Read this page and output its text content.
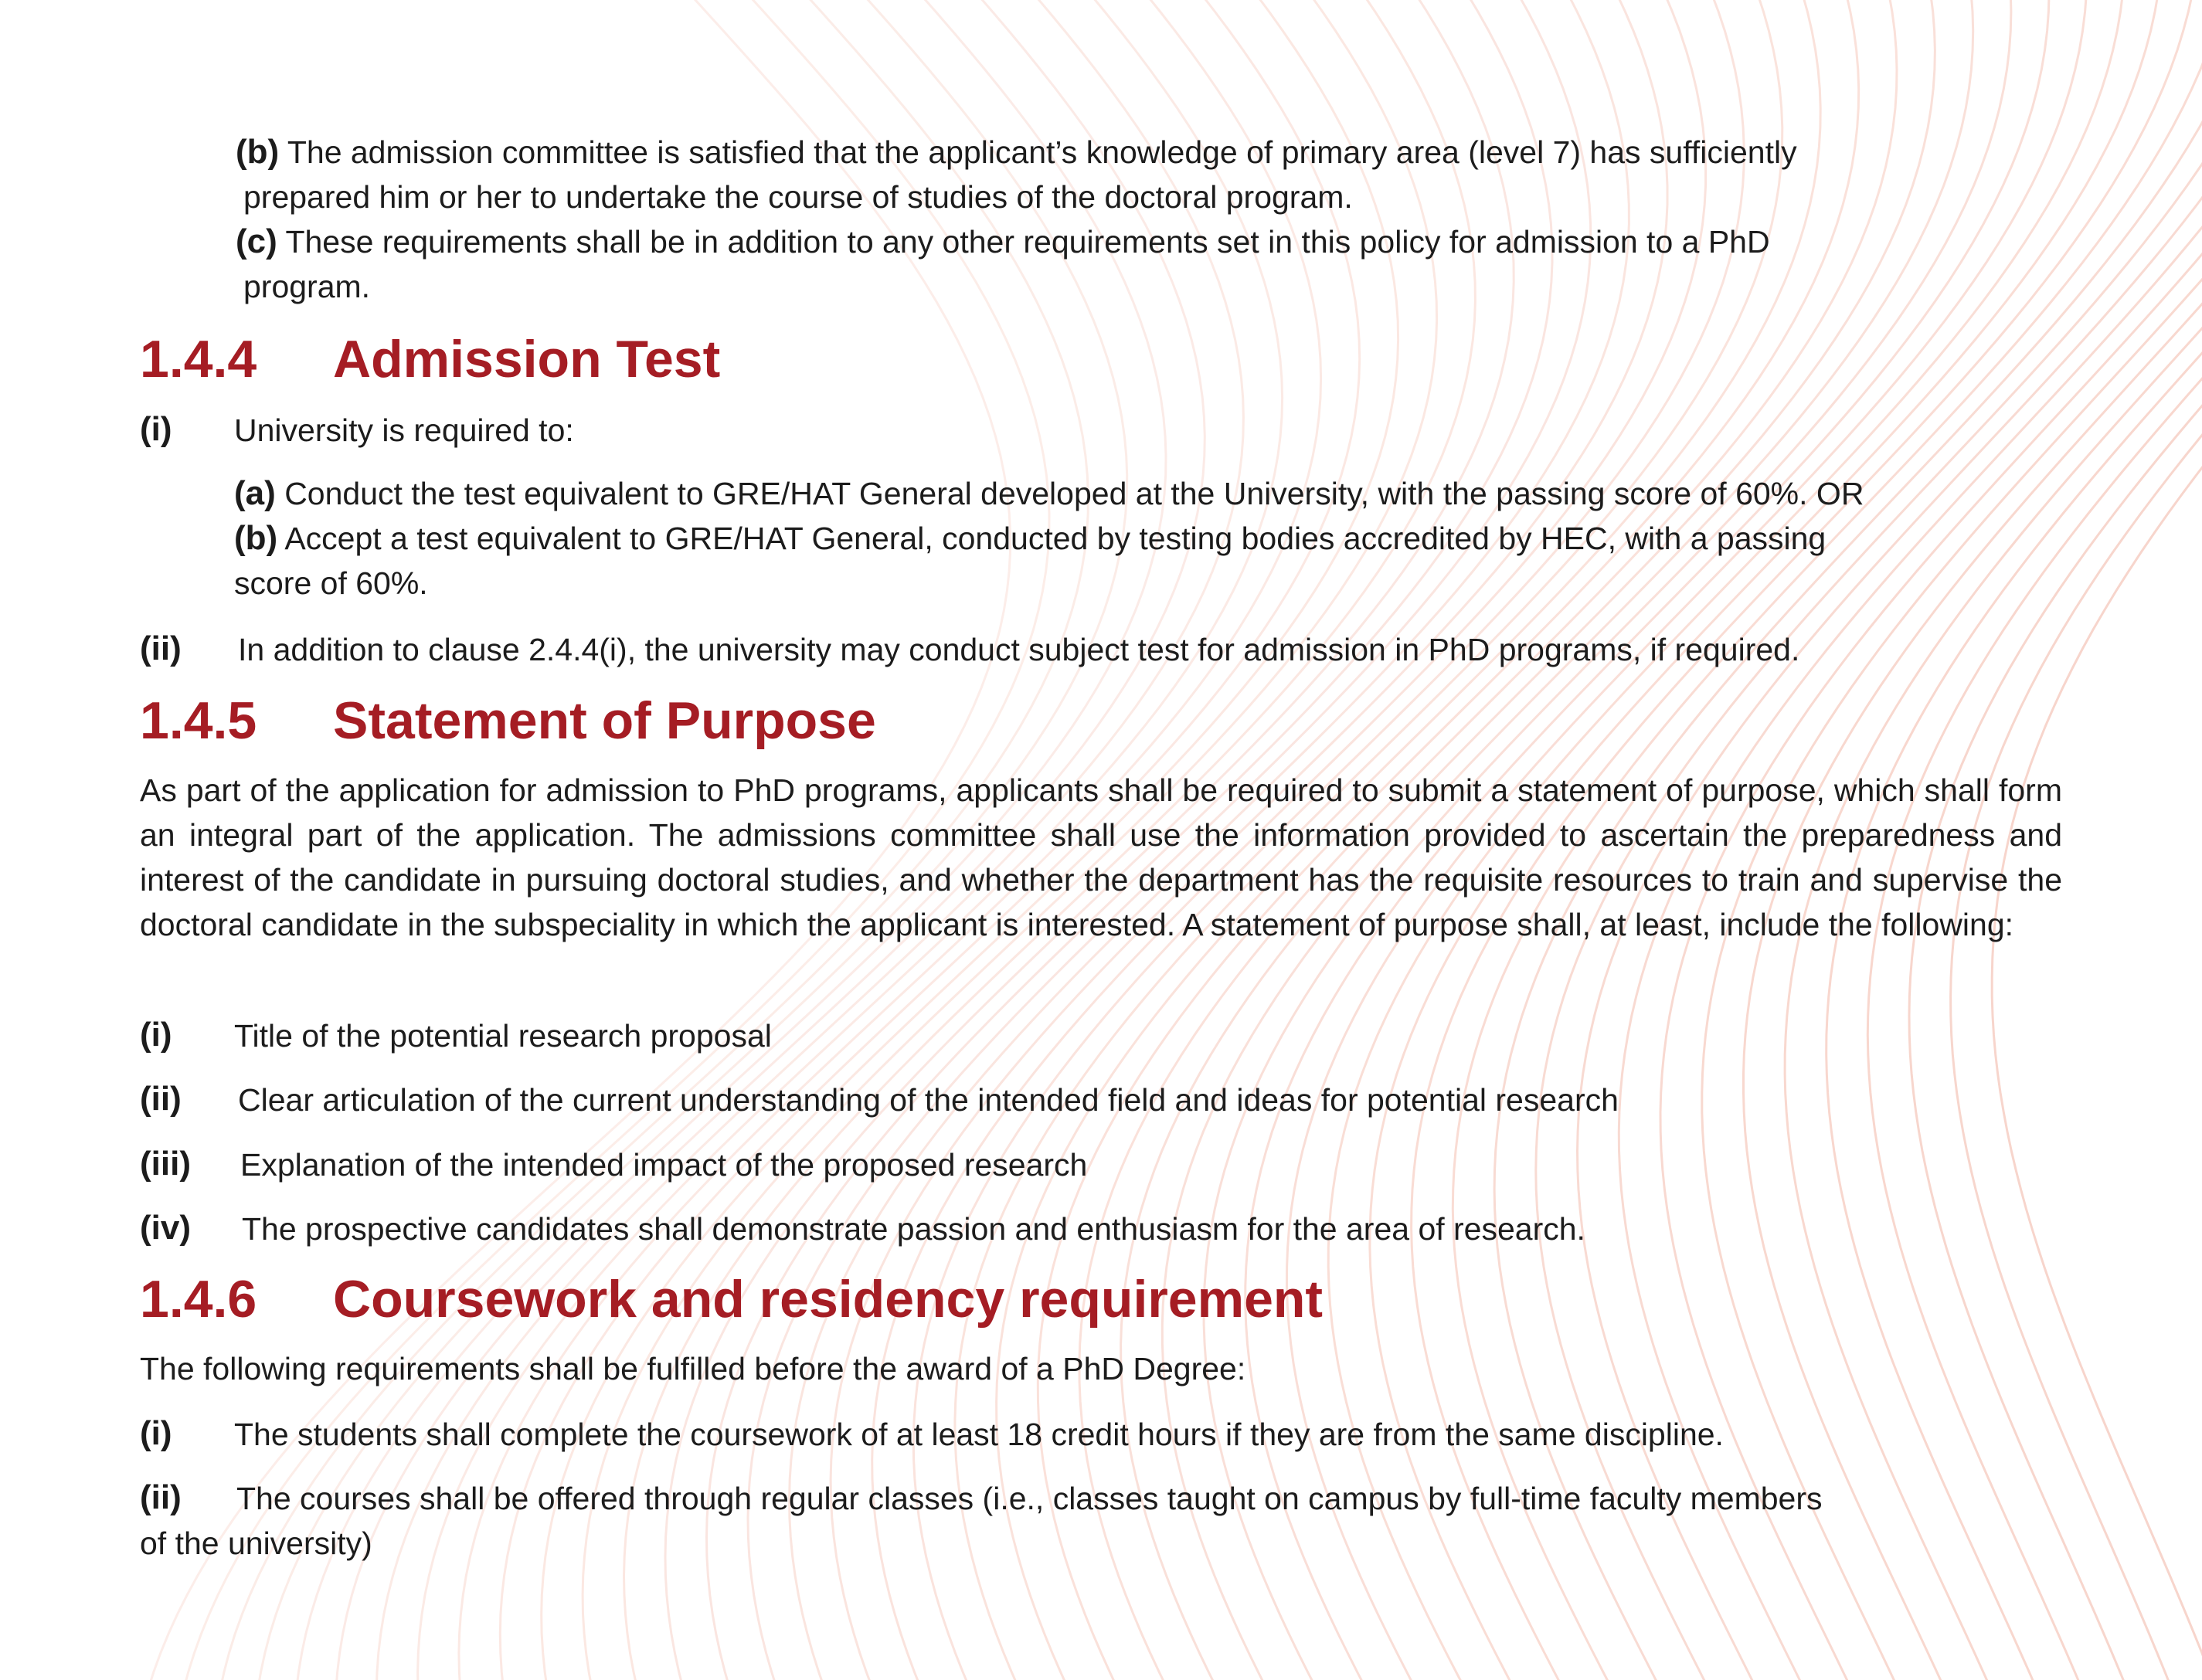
(b) The admission committee is satisfied that the applicant’s knowledge of primary area (level 7) has sufficiently
prepared him or her to undertake the course of studies of the doctoral program.
(c) These requirements shall be in addition to any other requirements set in this policy for admission to a PhD
program.
1.4.4 Admission Test
(i) University is required to:
(a) Conduct the test equivalent to GRE/HAT General developed at the University, with the passing score of 60%. OR
(b) Accept a test equivalent to GRE/HAT General, conducted by testing bodies accredited by HEC, with a passing
score of 60%.
(ii) In addition to clause 2.4.4(i), the university may conduct subject test for admission in PhD programs, if required.
1.4.5 Statement of Purpose
As part of the application for admission to PhD programs, applicants shall be required to submit a statement of purpose, which shall form an integral part of the application. The admissions committee shall use the information provided to ascertain the preparedness and interest of the candidate in pursuing doctoral studies, and whether the department has the requisite resources to train and supervise the doctoral candidate in the subspeciality in which the applicant is interested. A statement of purpose shall, at least, include the following:
(i) Title of the potential research proposal
(ii) Clear articulation of the current understanding of the intended field and ideas for potential research
(iii) Explanation of the intended impact of the proposed research
(iv) The prospective candidates shall demonstrate passion and enthusiasm for the area of research.
1.4.6 Coursework and residency requirement
The following requirements shall be fulfilled before the award of a PhD Degree:
(i) The students shall complete the coursework of at least 18 credit hours if they are from the same discipline.
(ii) The courses shall be offered through regular classes (i.e., classes taught on campus by full-time faculty members
of the university)
